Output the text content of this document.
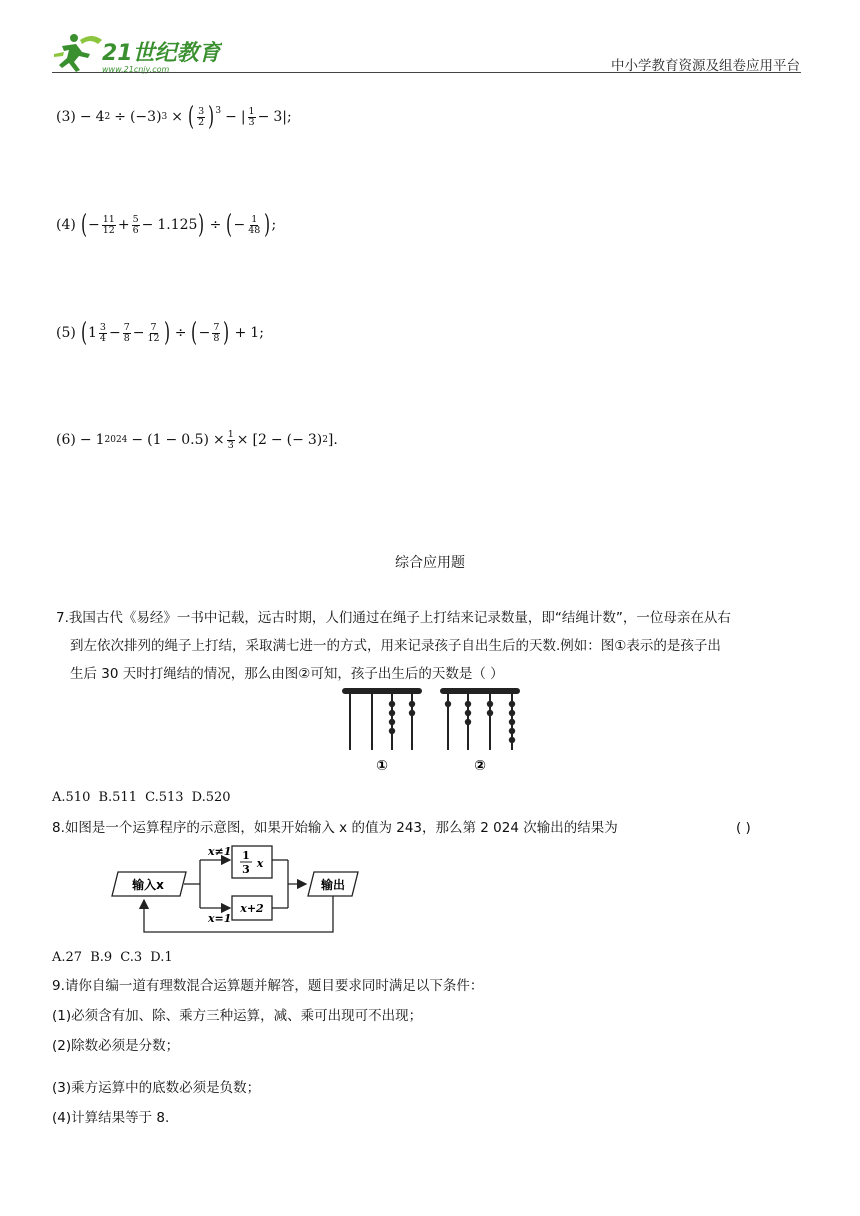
21世纪教育
www.21cnjy.com	中小学教育资源及组卷应用平台
(3) − 4 2 ÷ (−3) 3 × ( $\frac{3}{2} )^3$ − | $\frac{1}{3} - 3|$;
(4) ( − $\frac{11}{12} + \frac{5}{6} - 1.125$ ) ÷ ( − $\frac{1}{48}$ ) ;
(5) ( $1 \frac{3}{4} - \frac{7}{8} - \frac{7}{12}$ ) ÷ ( − $\frac{7}{8}$ ) + 1;
(6) − 1 $2024 - (1 - 0.5) \times \frac{1}{3} \times [2$ − (− 3) 2 ].
综合应用题
7.我国古代《易经》一书中记载，远古时期，人们通过在绳子上打结来记录数量，即“结绳计数”，一位母亲在从右
到左依次排列的绳子上打结，采取满七进一的方式，用来记录孩子自出生后的天数.例如：图①表示的是孩子出
生后 30 天时打绳结的情况，那么由图②可知，孩子出生后的天数是（ ）
①	②
A.510 B.511 C.513 D.520
8.如图是一个运算程序的示意图，如果开始输入 x 的值为 243，那么第 2 024 次输出的结果为	( )
输入x
x≠1
x=1
1
3 x
x+2
输出
A.27 B.9 C.3 D.1
9.请你自编一道有理数混合运算题并解答，题目要求同时满足以下条件：
(1)必须含有加、除、乘方三种运算，减、乘可出现可不出现；
(2)除数必须是分数；
(3)乘方运算中的底数必须是负数；
(4)计算结果等于 8.
